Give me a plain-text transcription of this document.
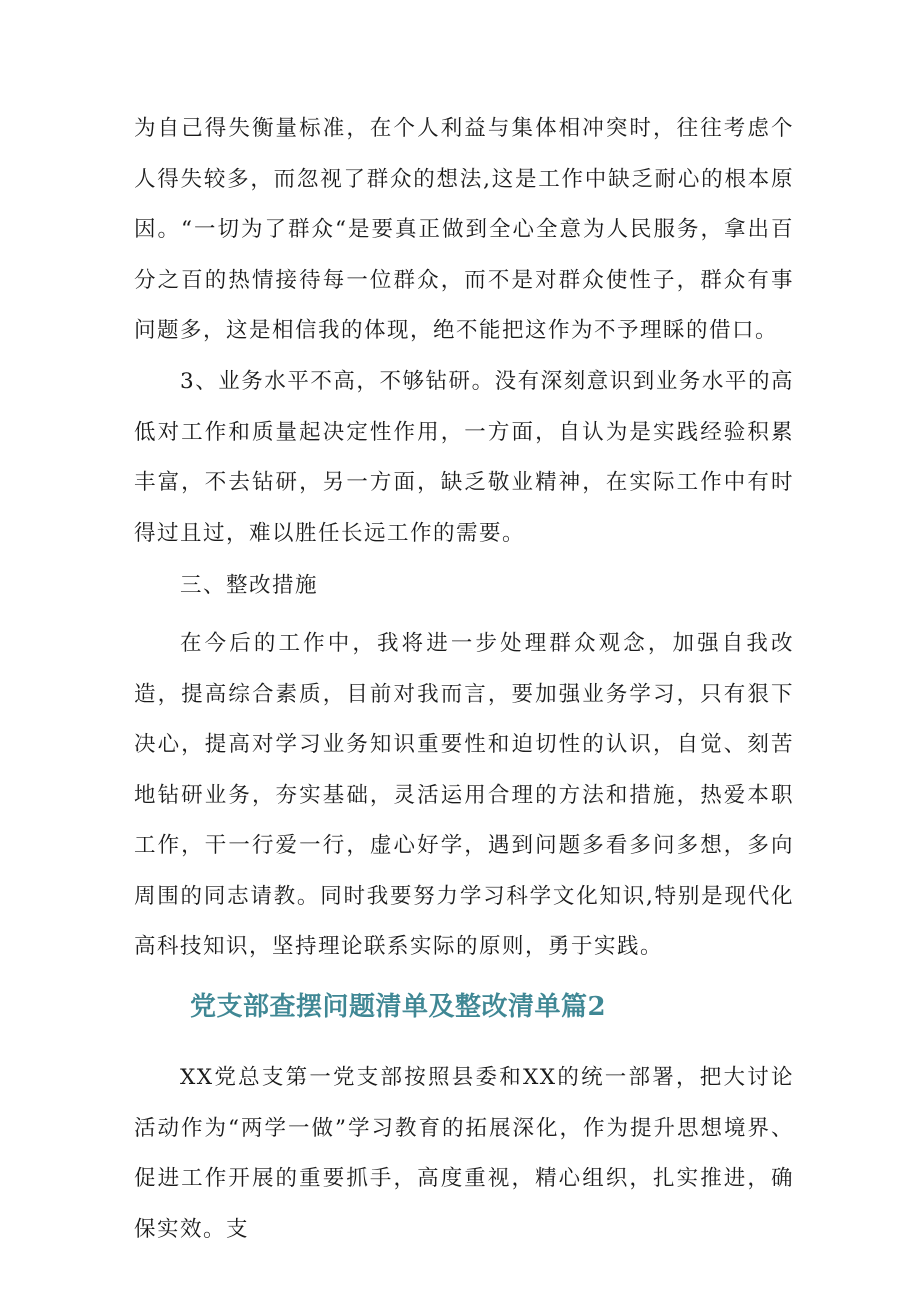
为自己得失衡量标准，在个人利益与集体相冲突时，往往考虑个人得失较多，而忽视了群众的想法,这是工作中缺乏耐心的根本原因。“一切为了群众“是要真正做到全心全意为人民服务，拿出百分之百的热情接待每一位群众，而不是对群众使性子，群众有事问题多，这是相信我的体现，绝不能把这作为不予理睬的借口。

3、业务水平不高，不够钻研。没有深刻意识到业务水平的高低对工作和质量起决定性作用，一方面，自认为是实践经验积累丰富，不去钻研，另一方面，缺乏敬业精神，在实际工作中有时得过且过，难以胜任长远工作的需要。

三、整改措施

在今后的工作中，我将进一步处理群众观念，加强自我改造，提高综合素质，目前对我而言，要加强业务学习，只有狠下决心，提高对学习业务知识重要性和迫切性的认识，自觉、刻苦地钻研业务，夯实基础，灵活运用合理的方法和措施，热爱本职工作，干一行爱一行，虚心好学，遇到问题多看多问多想，多向周围的同志请教。同时我要努力学习科学文化知识,特别是现代化高科技知识，坚持理论联系实际的原则，勇于实践。

党支部查摆问题清单及整改清单篇2

XX党总支第一党支部按照县委和XX的统一部署，把大讨论活动作为“两学一做”学习教育的拓展深化，作为提升思想境界、促进工作开展的重要抓手，高度重视，精心组织，扎实推进，确保实效。支
